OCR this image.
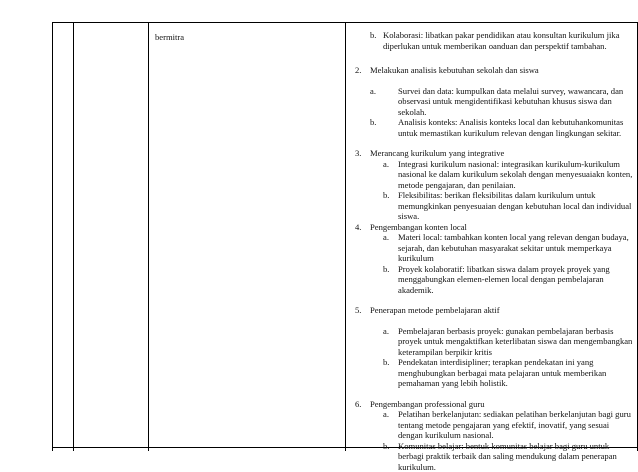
bermitra	b. Kolaborasi: libatkan pakar pendidikan atau konsultan kurikulum jika diperlukan untuk memberikan oanduan dan perspektif tambahan.
2. Melakukan analisis kebutuhan sekolah dan siswa
a.	Survei dan data: kumpulkan data melalui survey, wawancara, dan observasi untuk mengidentifikasi kebutuhan khusus siswa dan sekolah.
b.	Analisis konteks: Analisis konteks local dan kebutuhankomunitas untuk memastikan kurikulum relevan dengan lingkungan sekitar.
3. Merancang kurikulum yang integrative
a. Integrasi kurikulum nasional: integrasikan kurikulum-kurikulum nasional ke dalam kurikulum sekolah dengan menyesuaiakn konten, metode pengajaran, dan penilaian.
b. Fleksibilitas: berikan fleksibilitas dalam kurikulum untuk memungkinkan penyesuaian dengan kebutuhan local dan individual siswa.
4. Pengembangan konten local
a. Materi local: tambahkan konten local yang relevan dengan budaya, sejarah, dan kebutuhan masyarakat sekitar untuk memperkaya kurikulum
b. Proyek kolaboratif: libatkan siswa dalam proyek proyek yang menggabungkan elemen-elemen local dengan pembelajaran akademik.
5. Penerapan metode pembelajaran aktif
a. Pembelajaran berbasis proyek: gunakan pembelajaran berbasis proyek untuk mengaktifkan keterlibatan siswa dan mengembangkan keterampilan berpikir kritis
b. Pendekatan interdisipliner; terapkan pendekatan ini yang menghubungkan berbagai mata pelajaran untuk memberikan pemahaman yang lebih holistik.
6. Pengembangan professional guru
a. Pelatihan berkelanjutan: sediakan pelatihan berkelanjutan bagi guru tentang metode pengajaran yang efektif, inovatif, yang sesuai dengan kurikulum nasional.
b. Komunitas belajar: bentuk komunitas belajar bagi guru untuk berbagi praktik terbaik dan saling mendukung dalam penerapan kurikulum.
